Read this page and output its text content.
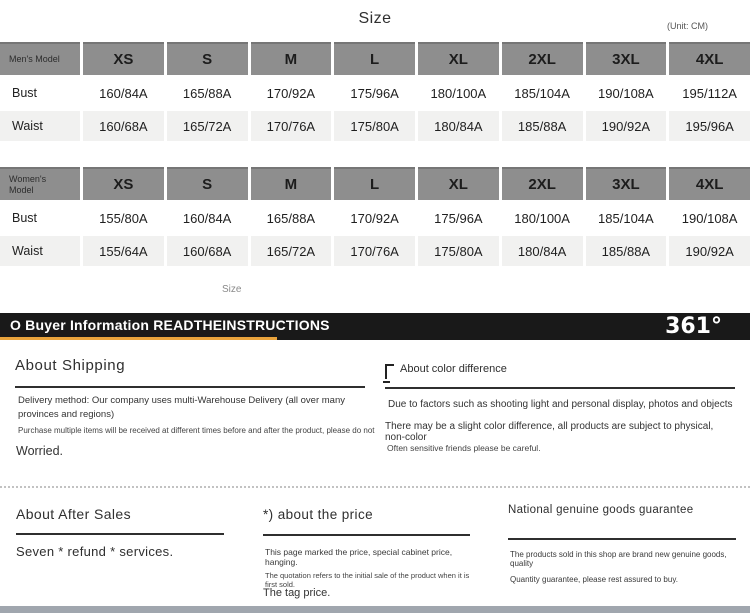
Size	(Unit: CM)
Men's Model	XS	S	M	L	XL	2XL	3XL	4XL
Bust	160/84A	165/88A	170/92A	175/96A	180/100A	185/104A	190/108A	195/112A
Waist	160/68A	165/72A	170/76A	175/80A	180/84A	185/88A	190/92A	195/96A
Women's Model	XS	S	M	L	XL	2XL	3XL	4XL
Bust	155/80A	160/84A	165/88A	170/92A	175/96A	180/100A	185/104A	190/108A
Waist	155/64A	160/68A	165/72A	170/76A	175/80A	180/84A	185/88A	190/92A
Size
O Buyer Information READTHEINSTRUCTIONS	361°
About Shipping
Delivery method: Our company uses multi-Warehouse Delivery (all over many provinces and regions)
Purchase multiple items will be received at different times before and after the product, please do not
Worried.
About color difference
Due to factors such as shooting light and personal display, photos and objects
There may be a slight color difference, all products are subject to physical, non-color
Often sensitive friends please be careful.
About After Sales
Seven * refund * services.
*) about the price
This page marked the price, special cabinet price, hanging.
The quotation refers to the initial sale of the product when it is first sold.
The tag price.
National genuine goods guarantee
The products sold in this shop are brand new genuine goods, quality
Quantity guarantee, please rest assured to buy.
